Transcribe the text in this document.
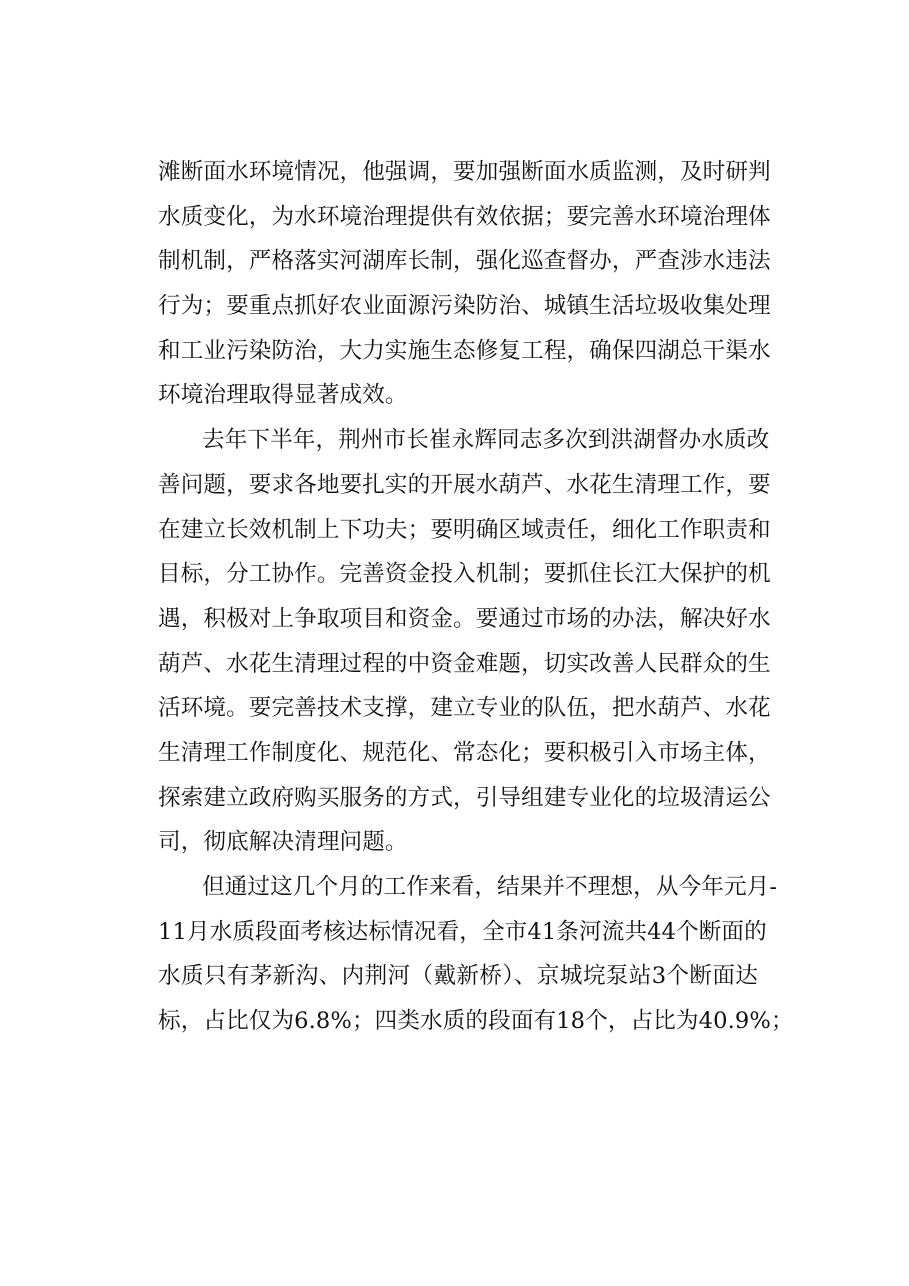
滩断面水环境情况，他强调，要加强断面水质监测，及时研判
水质变化，为水环境治理提供有效依据；要完善水环境治理体
制机制，严格落实河湖库长制，强化巡查督办，严查涉水违法
行为；要重点抓好农业面源污染防治、城镇生活垃圾收集处理
和工业污染防治，大力实施生态修复工程，确保四湖总干渠水
环境治理取得显著成效。
去年下半年，荆州市长崔永辉同志多次到洪湖督办水质改
善问题，要求各地要扎实的开展水葫芦、水花生清理工作，要
在建立长效机制上下功夫；要明确区域责任，细化工作职责和
目标，分工协作。完善资金投入机制；要抓住长江大保护的机
遇，积极对上争取项目和资金。要通过市场的办法，解决好水
葫芦、水花生清理过程的中资金难题，切实改善人民群众的生
活环境。要完善技术支撑，建立专业的队伍，把水葫芦、水花
生清理工作制度化、规范化、常态化；要积极引入市场主体，
探索建立政府购买服务的方式，引导组建专业化的垃圾清运公
司，彻底解决清理问题。
但通过这几个月的工作来看，结果并不理想，从今年元月-
11月水质段面考核达标情况看，全市41条河流共44个断面的
水质只有茅新沟、内荆河（戴新桥）、京城垸泵站3个断面达
标，占比仅为6.8%；四类水质的段面有18个，占比为40.9%；
